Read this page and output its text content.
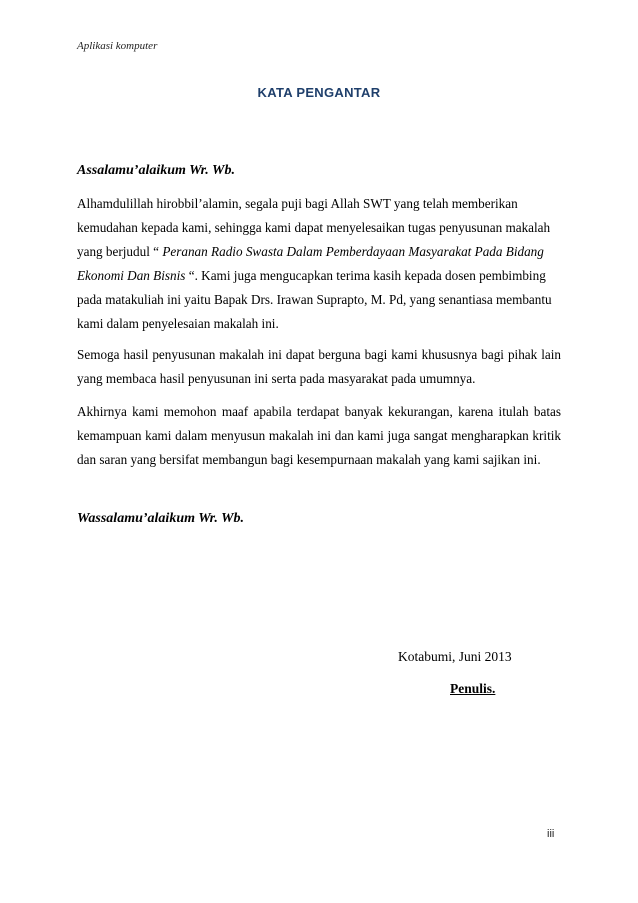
Aplikasi komputer
KATA PENGANTAR
Assalamu’alaikum Wr. Wb.

Alhamdulillah hirobbil’alamin, segala puji bagi Allah SWT yang telah memberikan kemudahan kepada kami, sehingga kami dapat menyelesaikan tugas penyusunan makalah yang berjudul “ Peranan Radio Swasta Dalam Pemberdayaan Masyarakat Pada Bidang Ekonomi Dan Bisnis “. Kami juga mengucapkan terima kasih kepada dosen pembimbing pada matakuliah ini yaitu Bapak Drs. Irawan Suprapto, M. Pd, yang senantiasa membantu kami dalam penyelesaian makalah ini.

Semoga hasil penyusunan makalah ini dapat berguna bagi kami khususnya bagi pihak lain yang membaca hasil penyusunan ini serta pada masyarakat pada umumnya.

Akhirnya kami memohon maaf apabila terdapat banyak kekurangan, karena itulah batas kemampuan kami dalam menyusun makalah ini dan kami juga sangat mengharapkan kritik dan saran yang bersifat membangun bagi kesempurnaan makalah yang kami sajikan ini.

Wassalamu’alaikum Wr. Wb.
Kotabumi, Juni 2013
Penulis.
iii
